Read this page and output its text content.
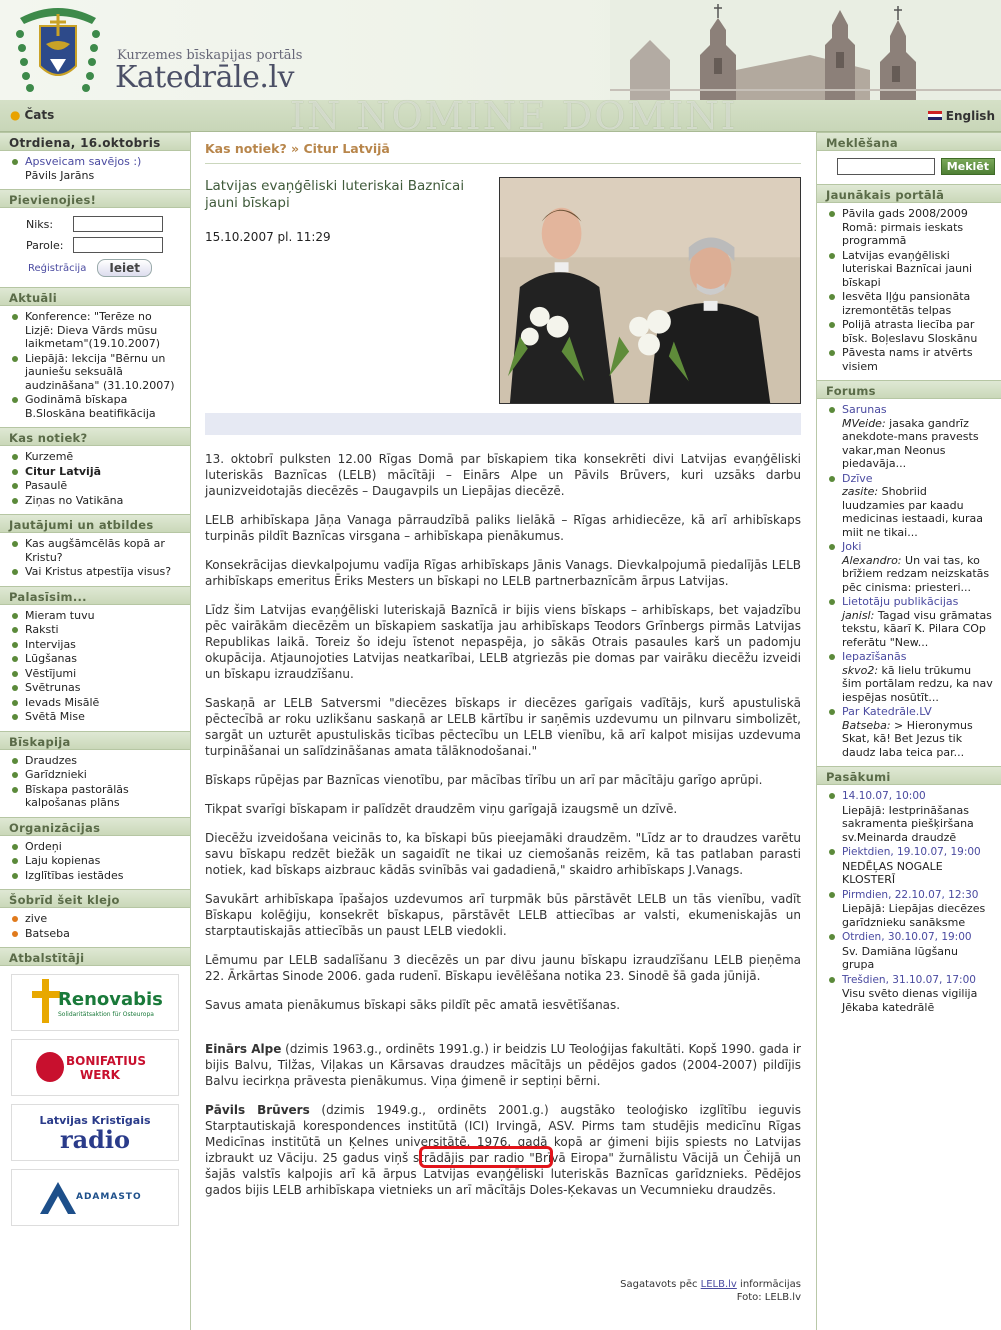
Kurzemes bīskapijas portāls
Katedrāle.lv
IN NOMINE DOMINI
● Čats	English
Otrdiena, 16.oktobris
Apsveicam savējos :)
Pāvils Jarāns
Pievienojies!
Niks:
Parole:
Reģistrācija	Ieiet
Aktuāli
Konference: "Terēze no Lizjē: Dieva Vārds mūsu laikmetam"(19.10.2007)
Liepājā: lekcija "Bērnu un jauniešu seksuālā audzināšana" (31.10.2007)
Godināmā bīskapa B.Sloskāna beatifikācija
Kas notiek?
Kurzemē
Citur Latvijā
Pasaulē
Ziņas no Vatikāna
Jautājumi un atbildes
Kas augšāmcēlās kopā ar Kristu?
Vai Kristus atpestīja visus?
Palasīsim...
Mieram tuvu
Raksti
Intervijas
Lūgšanas
Vēstījumi
Svētrunas
Ievads Misālē
Svētā Mise
Bīskapija
Draudzes
Garīdznieki
Bīskapa pastorālās kalpošanas plāns
Organizācijas
Ordeņi
Laju kopienas
Izglītības iestādes
Šobrīd šeit klejo
zive
Batseba
Atbalstītāji
Renovabis
Solidaritätsaktion für Osteuropa
BONIFATIUS
WERK
Latvijas Kristīgais
radio
ADAMASTO
Kas notiek? » Citur Latvijā
Latvijas evaņģēliski luteriskai Baznīcai jauni bīskapi
15.10.2007 pl. 11:29

13. oktobrī pulksten 12.00 Rīgas Domā par bīskapiem tika konsekrēti divi Latvijas evaņģēliski luteriskās Baznīcas (LELB) mācītāji – Einārs Alpe un Pāvils Brūvers, kuri uzsāks darbu jaunizveidotajās diecēzēs – Daugavpils un Liepājas diecēzē.

LELB arhibīskapa Jāņa Vanaga pārraudzībā paliks lielākā – Rīgas arhidiecēze, kā arī arhibīskaps turpinās pildīt Baznīcas virsgana – arhibīskapa pienākumus.

Konsekrācijas dievkalpojumu vadīja Rīgas arhibīskaps Jānis Vanags. Dievkalpojumā piedalījās LELB arhibīskaps emeritus Ēriks Mesters un bīskapi no LELB partnerbaznīcām ārpus Latvijas.

Līdz šim Latvijas evaņģēliski luteriskajā Baznīcā ir bijis viens bīskaps – arhibīskaps, bet vajadzību pēc vairākām diecēzēm un bīskapiem saskatīja jau arhibīskaps Teodors Grīnbergs pirmās Latvijas Republikas laikā. Toreiz šo ideju īstenot nepaspēja, jo sākās Otrais pasaules karš un padomju okupācija. Atjaunojoties Latvijas neatkarībai, LELB atgriezās pie domas par vairāku diecēžu izveidi un bīskapu izraudzīšanu.

Saskaņā ar LELB Satversmi "diecēzes bīskaps ir diecēzes garīgais vadītājs, kurš apustuliskā pēctecībā ar roku uzlikšanu saskaņā ar LELB kārtību ir saņēmis uzdevumu un pilnvaru simbolizēt, sargāt un uzturēt apustuliskās ticības pēctecību un LELB vienību, kā arī kalpot misijas uzdevuma turpināšanai un salīdzināšanas amata tālāknodošanai."

Bīskaps rūpējas par Baznīcas vienotību, par mācības tīrību un arī par mācītāju garīgo aprūpi.

Tikpat svarīgi bīskapam ir palīdzēt draudzēm viņu garīgajā izaugsmē un dzīvē.

Diecēžu izveidošana veicinās to, ka bīskapi būs pieejamāki draudzēm. "Līdz ar to draudzes varētu savu bīskapu redzēt biežāk un sagaidīt ne tikai uz ciemošanās reizēm, kā tas patlaban parasti notiek, kad bīskaps aizbrauc kādās svinībās vai gadadienā," skaidro arhibīskaps J.Vanags.

Savukārt arhibīskapa īpašajos uzdevumos arī turpmāk būs pārstāvēt LELB un tās vienību, vadīt Bīskapu kolēģiju, konsekrēt bīskapus, pārstāvēt LELB attiecības ar valsti, ekumeniskajās un starptautiskajās attiecībās un paust LELB viedokli.

Lēmumu par LELB sadalīšanu 3 diecēzēs un par divu jaunu bīskapu izraudzīšanu LELB pieņēma 22. Ārkārtas Sinode 2006. gada rudenī. Bīskapu ievēlēšana notika 23. Sinodē šā gada jūnijā.

Savus amata pienākumus bīskapi sāks pildīt pēc amatā iesvētīšanas.

Einārs Alpe (dzimis 1963.g., ordinēts 1991.g.) ir beidzis LU Teoloģijas fakultāti. Kopš 1990. gada ir bijis Balvu, Tilžas, Viļakas un Kārsavas draudzes mācītājs un pēdējos gados (2004-2007) pildījis Balvu iecirkņa prāvesta pienākumus. Viņa ģimenē ir septiņi bērni.

Pāvils Brūvers (dzimis 1949.g., ordinēts 2001.g.) augstāko teoloģisko izglītību ieguvis Starptautiskajā korespondences institūtā (ICI) Irvingā, ASV. Pirms tam studējis medicīnu Rīgas Medicīnas institūtā un Ķelnes universitātē. 1976. gadā kopā ar ģimeni bijis spiests no Latvijas izbraukt uz Vāciju. 25 gadus viņš strādājis par radio "Brīvā Eiropa" žurnālistu Vācijā un Čehijā un šajās valstīs kalpojis arī kā ārpus Latvijas evaņģēliski luteriskās Baznīcas garīdznieks. Pēdējos gados bijis LELB arhibīskapa vietnieks un arī mācītājs Doles-Ķekavas un Vecumnieku draudzēs.

Sagatavots pēc LELB.lv informācijas
Foto: LELB.lv
Meklēšana
Meklēt
Jaunākais portālā
Pāvila gads 2008/2009 Romā: pirmais ieskats programmā
Latvijas evaņģēliski luteriskai Baznīcai jauni bīskapi
Iesvēta Iļģu pansionāta izremontētās telpas
Polijā atrasta liecība par bīsk. Boļeslavu Sloskānu
Pāvesta nams ir atvērts visiem
Forums
Sarunas
MVeide: jasaka gandrīz anekdote-mans pravests vakar,man Neonus piedavāja...
Dzīve
zasite: Shobriid luudzamies par kaadu medicinas iestaadi, kuraa miit ne tikai...
Joki
Alexandro: Un vai tas, ko brīžiem redzam neizskatās pēc cinisma: priesteri...
Lietotāju publikācijas
janisl: Tagad visu grāmatas tekstu, kāarī K. Pilara COp referātu "New...
Iepazīšanās
skvo2: kā lielu trūkumu šim portālam redzu, ka nav iespējas nosūtīt...
Par Katedrāle.LV
Batseba: > Hieronymus Skat, kā! Bet Jezus tik daudz laba teica par...
Pasākumi
14.10.07, 10:00
Liepājā: Iestprināšanas sakramenta piešķiršana sv.Meinarda draudzē
Piektdien, 19.10.07, 19:00
NEDĒĻAS NOGALE KLOSTERĪ
Pirmdien, 22.10.07, 12:30
Liepājā: Liepājas diecēzes garīdznieku sanāksme
Otrdien, 30.10.07, 19:00
Sv. Damiāna lūgšanu grupa
Trešdien, 31.10.07, 17:00
Visu svēto dienas vigilija Jēkaba katedrālē
